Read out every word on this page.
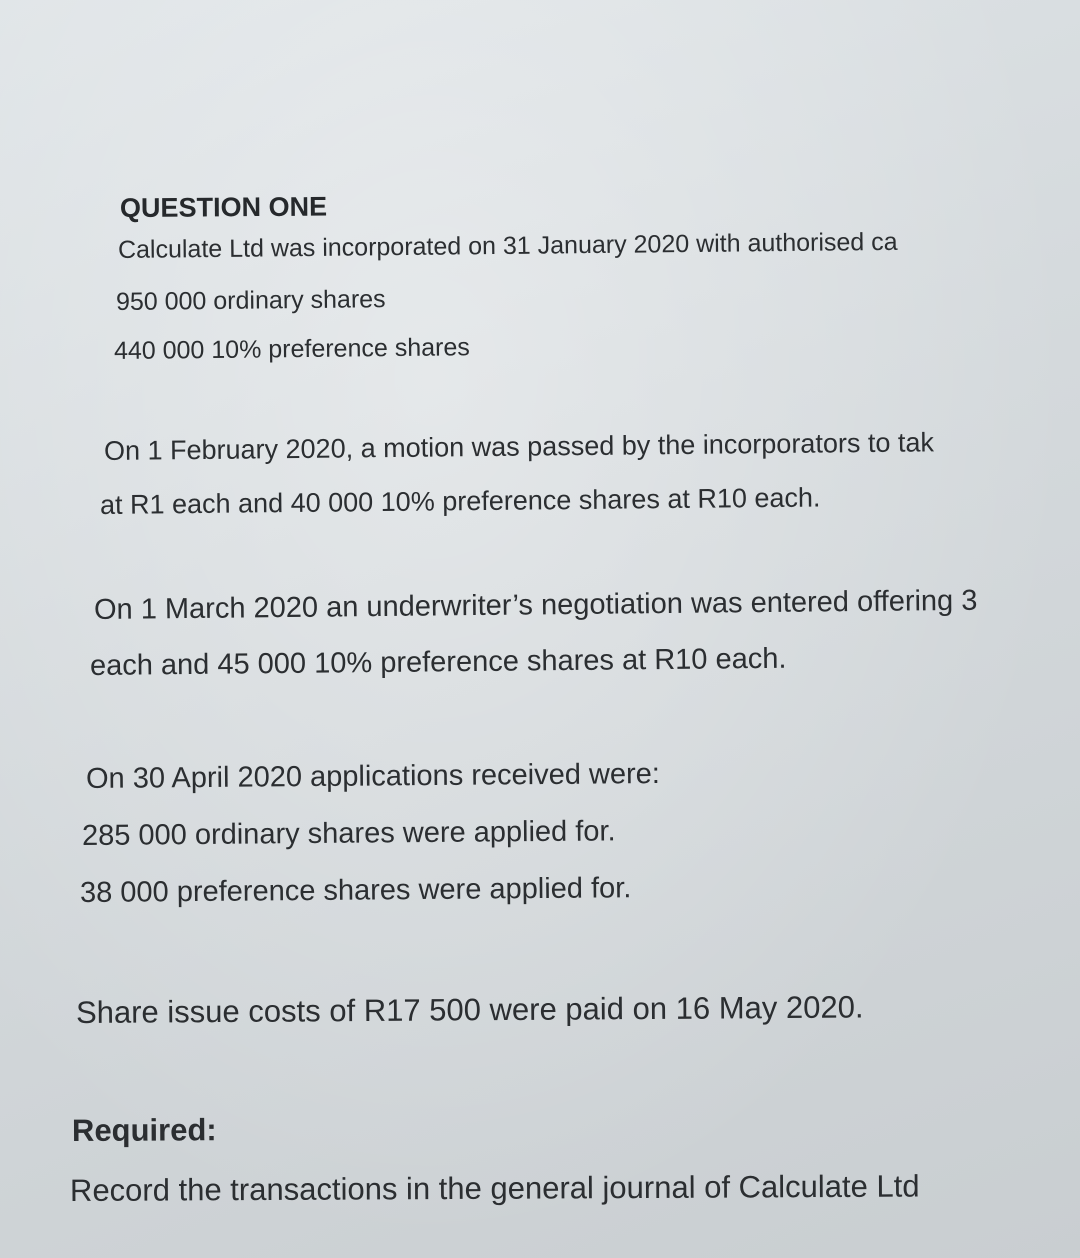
QUESTION ONE
Calculate Ltd was incorporated on 31 January 2020 with authorised ca
950 000 ordinary shares
440 000 10% preference shares
On 1 February 2020, a motion was passed by the incorporators to tak
at R1 each and 40 000 10% preference shares at R10 each.
On 1 March 2020 an underwriter’s negotiation was entered offering 3
each and 45 000 10% preference shares at R10 each.
On 30 April 2020 applications received were:
285 000 ordinary shares were applied for.
38 000 preference shares were applied for.
Share issue costs of R17 500 were paid on 16 May 2020.
Required:
Record the transactions in the general journal of Calculate Ltd
